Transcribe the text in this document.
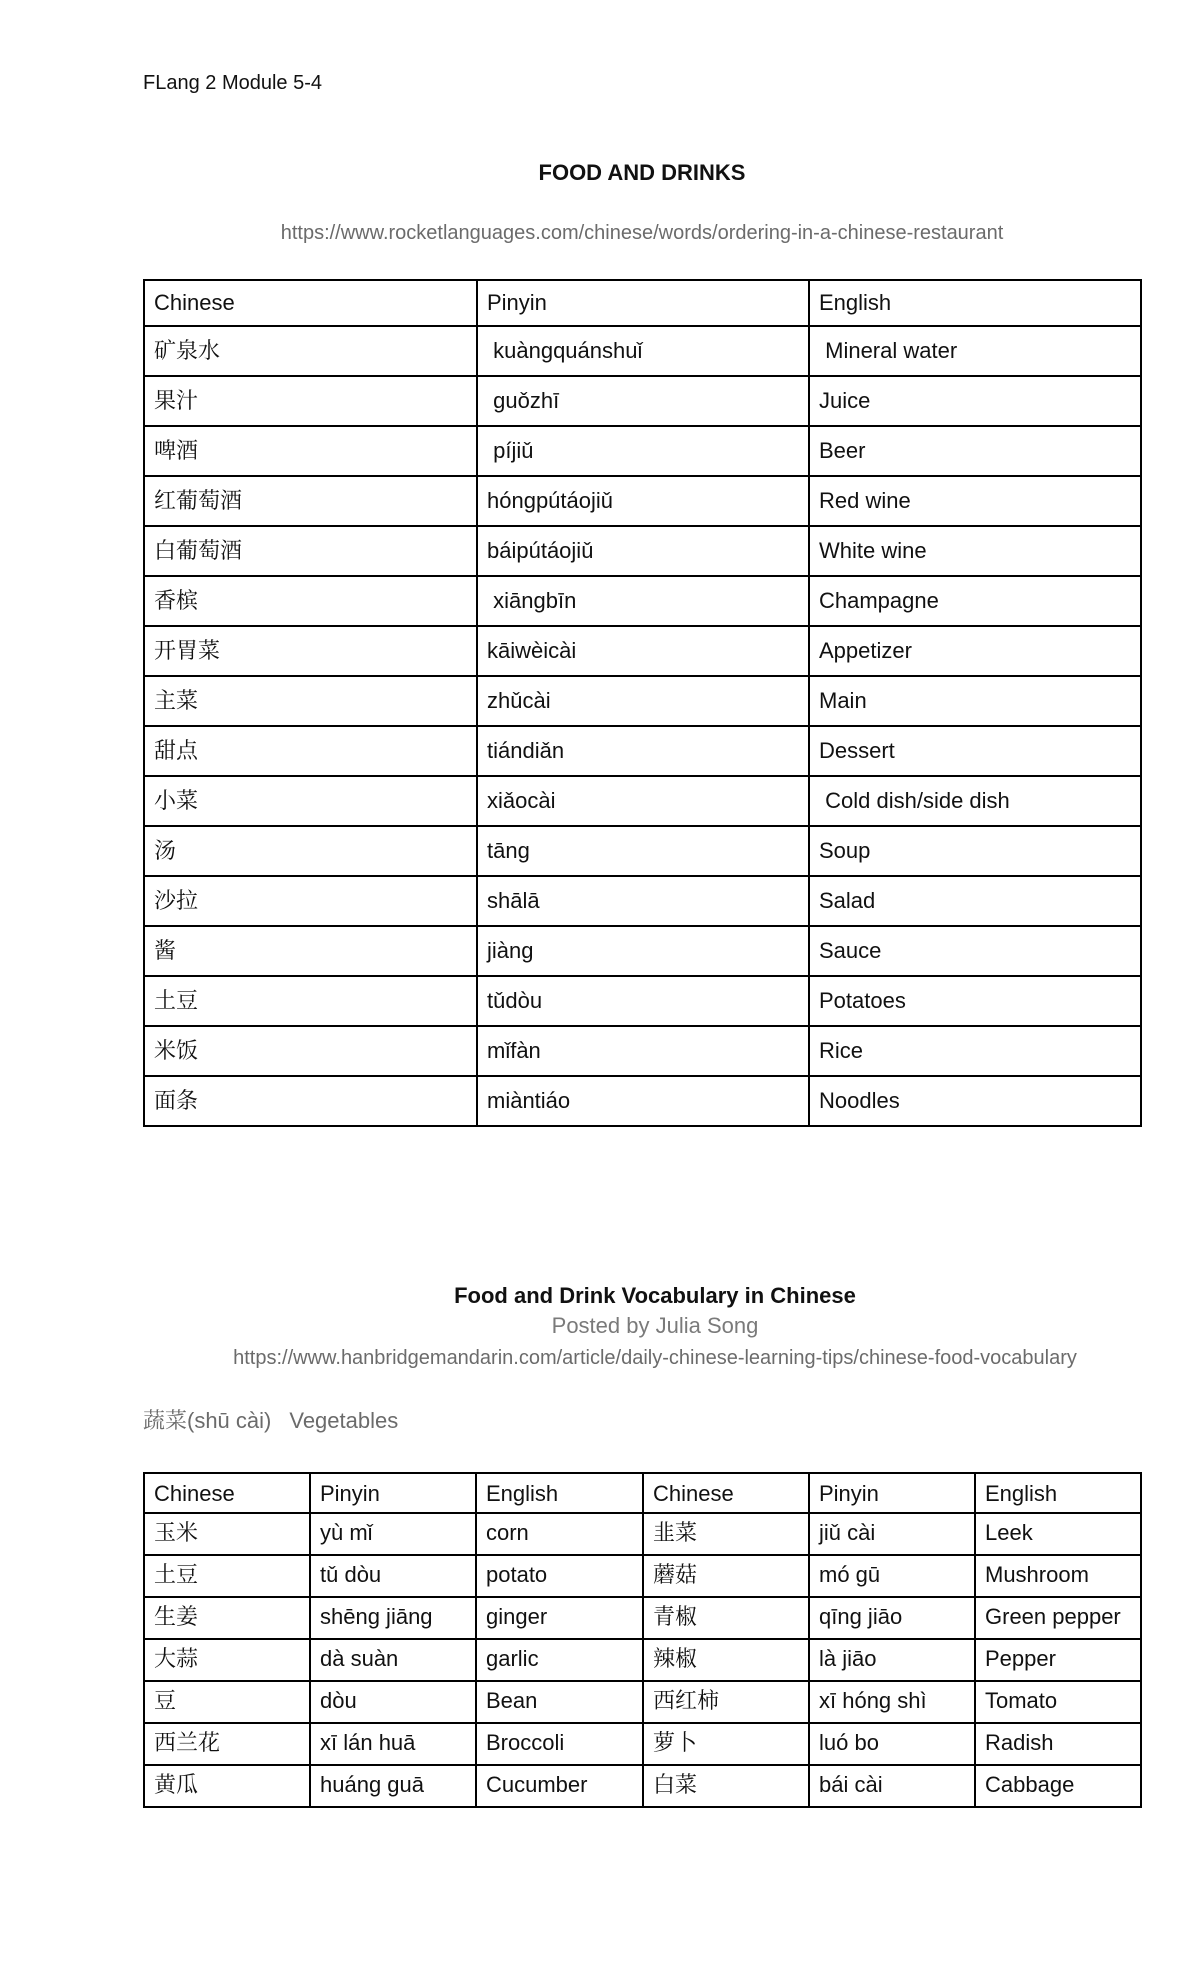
FLang 2 Module 5-4
FOOD AND DRINKS
https://www.rocketlanguages.com/chinese/words/ordering-in-a-chinese-restaurant
Chinese	Pinyin	English
矿泉水	kuàngquánshuǐ	Mineral water
果汁	guǒzhī	Juice
啤酒	píjiǔ	Beer
红葡萄酒	hóngpútáojiǔ	Red wine
白葡萄酒	báipútáojiǔ	White wine
香槟	xiāngbīn	Champagne
开胃菜	kāiwèicài	Appetizer
主菜	zhǔcài	Main
甜点	tiándiǎn	Dessert
小菜	xiǎocài	Cold dish/side dish
汤	tāng	Soup
沙拉	shālā	Salad
酱	jiàng	Sauce
土豆	tǔdòu	Potatoes
米饭	mǐfàn	Rice
面条	miàntiáo	Noodles
Food and Drink Vocabulary in Chinese
Posted by Julia Song
https://www.hanbridgemandarin.com/article/daily-chinese-learning-tips/chinese-food-vocabulary
蔬菜(shū cài) Vegetables
Chinese	Pinyin	English	Chinese	Pinyin	English
玉米	yù mǐ	corn	韭菜	jiǔ cài	Leek
土豆	tǔ dòu	potato	蘑菇	mó gū	Mushroom
生姜	shēng jiāng	ginger	青椒	qīng jiāo	Green pepper
大蒜	dà suàn	garlic	辣椒	là jiāo	Pepper
豆	dòu	Bean	西红柿	xī hóng shì	Tomato
西兰花	xī lán huā	Broccoli	萝卜	luó bo	Radish
黄瓜	huáng guā	Cucumber	白菜	bái cài	Cabbage
